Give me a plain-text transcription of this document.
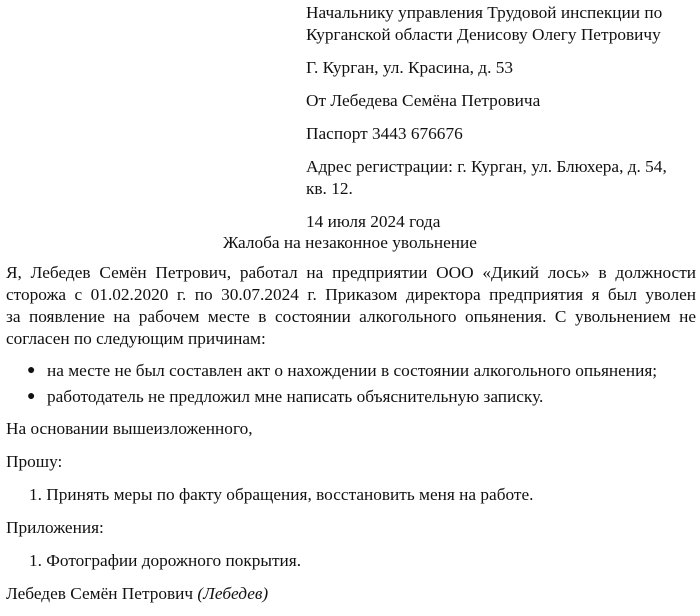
Начальнику управления Трудовой инспекции по

Курганской области Денисову Олегу Петровичу

Г. Курган, ул. Красина, д. 53

От Лебедева Семёна Петровича

Паспорт 3443 676676

Адрес регистрации: г. Курган, ул. Блюхера, д. 54,

кв. 12.

14 июля 2024 года

Жалоба на незаконное увольнение

Я, Лебедев Семён Петрович, работал на предприятии ООО «Дикий лось» в должности
сторожа с 01.02.2020 г. по 30.07.2024 г. Приказом директора предприятия я был уволен
за появление на рабочем месте в состоянии алкогольного опьянения. С увольнением не
согласен по следующим причинам:
● на месте не был составлен акт о нахождении в состоянии алкогольного опьянения;
● работодатель не предложил мне написать объяснительную записку.

На основании вышеизложенного,

Прошу:

1. Принять меры по факту обращения, восстановить меня на работе.

Приложения:

1. Фотографии дорожного покрытия.

Лебедев Семён Петрович (Лебедев)
